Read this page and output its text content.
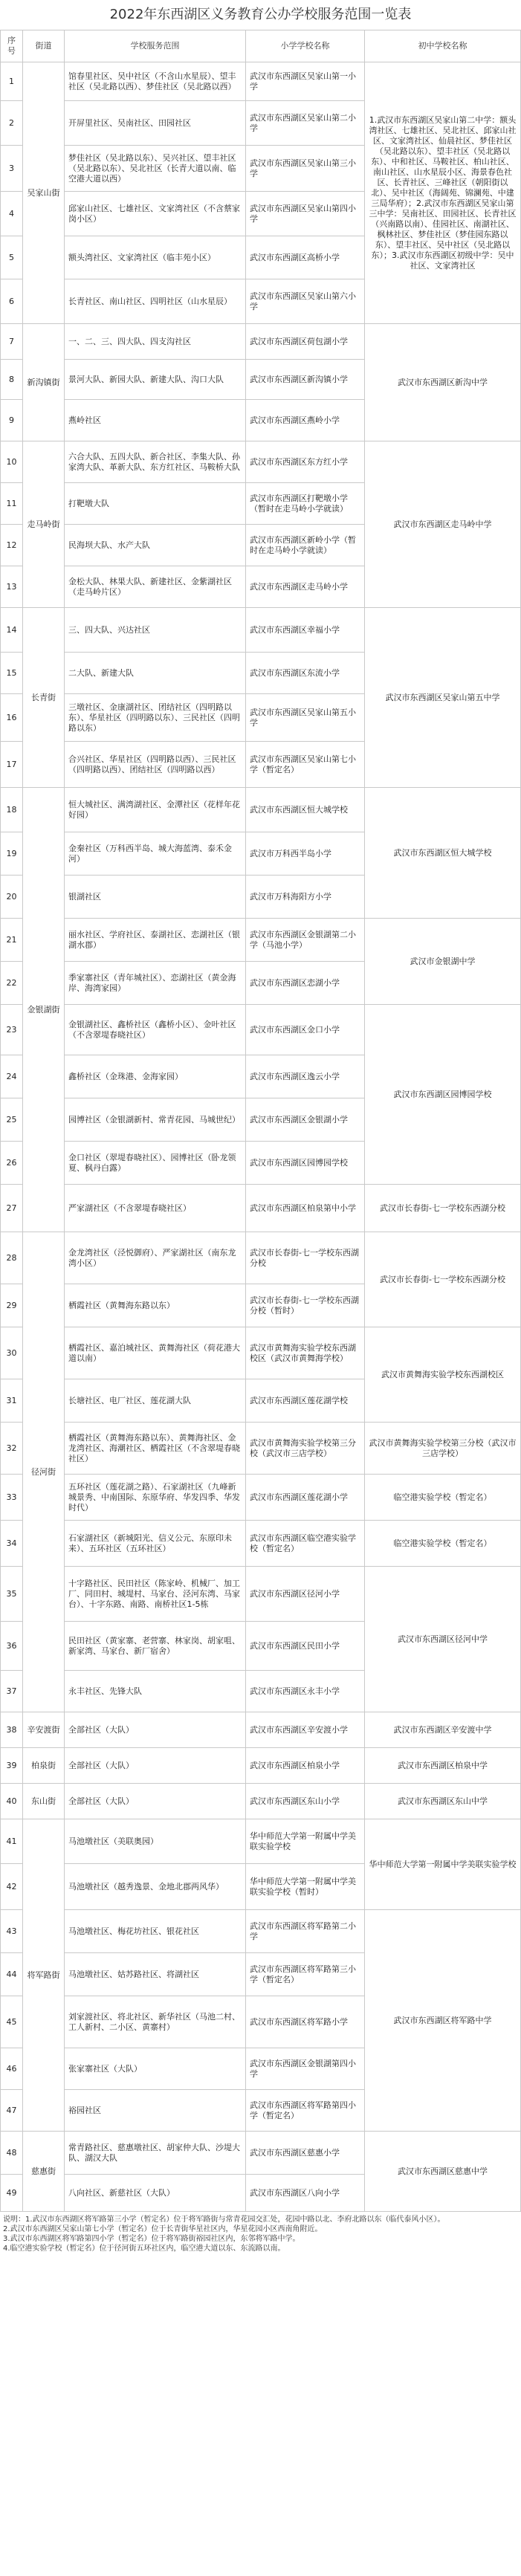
2022年东西湖区义务教育公办学校服务范围一览表
序号	街道	学校服务范围	小学学校名称	初中学校名称
1	吴家山街	馆春里社区、吴中社区（不含山水星辰）、望丰社区（吴北路以西）、梦佳社区（吴北路以西）	武汉市东西湖区吴家山第一小学	1.武汉市东西湖区吴家山第二中学：额头湾社区、七雄社区、吴北社区、邱家山社区、文家湾社区、仙晨社区、梦佳社区（吴北路以东）、望丰社区（吴北路以东）、中和社区、马鞍社区、柏山社区、南山社区、山水星辰小区、海景春色社区、长青社区、三峰社区（朝阳街以北）、吴中社区（海阔苑、锦澜苑、中建三局华府）；2.武汉市东西湖区吴家山第三中学：吴南社区、田园社区、长青社区（兴南路以南）、佳园社区、南湖社区、枫林社区、梦佳社区（梦佳园东路以东）、望丰社区、吴中社区（吴北路以东）；3.武汉市东西湖区初级中学：吴中社区、文家湾社区
2		开屏里社区、吴南社区、田园社区	武汉市东西湖区吴家山第二小学	
3		梦佳社区（吴北路以东）、吴兴社区、望丰社区（吴北路以东）、吴北社区（长青大道以南、临空港大道以西）	武汉市东西湖区吴家山第三小学	
4		邱家山社区、七雄社区、文家湾社区（不含蔡家岗小区）	武汉市东西湖区吴家山第四小学	
5		额头湾社区、文家湾社区（临丰苑小区）	武汉市东西湖区高桥小学	
6		长青社区、南山社区、四明社区（山水星辰）	武汉市东西湖区吴家山第六小学	
7	新沟镇街	一、二、三、四大队、四支沟社区	武汉市东西湖区荷包湖小学	武汉市东西湖区新沟中学
8		景河大队、新园大队、新建大队、沟口大队	武汉市东西湖区新沟镇小学	
9		燕岭社区	武汉市东西湖区燕岭小学	
10	走马岭街	六合大队、五四大队、新合社区、李集大队、孙家湾大队、革新大队、东方红社区、马鞍桥大队	武汉市东西湖区东方红小学	武汉市东西湖区走马岭中学
11		打靶墩大队	武汉市东西湖区打靶墩小学（暂时在走马岭小学就读）	
12		民海坝大队、水产大队	武汉市东西湖区新岭小学（暂时在走马岭小学就读）	
13		金松大队、林果大队、新建社区、金紫湖社区（走马岭片区）	武汉市东西湖区走马岭小学	
14	长青街	三、四大队、兴达社区	武汉市东西湖区幸福小学	武汉市东西湖区吴家山第五中学
15		二大队、新建大队	武汉市东西湖区东流小学	
16		三墩社区、金康湖社区、团结社区（四明路以东）、华星社区（四明路以东）、三民社区（四明路以东）	武汉市东西湖区吴家山第五小学	
17		合兴社区、华星社区（四明路以西）、三民社区（四明路以西）、团结社区（四明路以西）	武汉市东西湖区吴家山第七小学（暂定名）	
18	金银湖街	恒大城社区、满湾湖社区、金潭社区（花样年花好园）	武汉市东西湖区恒大城学校	武汉市东西湖区恒大城学校
19		金秦社区（万科西半岛、城大海蓝湾、泰禾金河）	武汉市万科西半岛小学	
20		银湖社区	武汉市万科海阳方小学	
21		丽水社区、学府社区、泰湖社区、恋湖社区（银湖水郡）	武汉市东西湖区金银湖第二小学（马池小学）	武汉市金银湖中学
22		季家寨社区（青年城社区）、恋湖社区（黄金海岸、海湾家园）	武汉市东西湖区恋湖小学	
23		金银湖社区、鑫桥社区（鑫桥小区）、金叶社区（不含翠堤春晓社区）	武汉市东西湖区金口小学	武汉市东西湖区园博园学校
24		鑫桥社区（金珠港、金海家园）	武汉市东西湖区逸云小学	
25		园博社区（金银湖新村、常青花园、马城世纪）	武汉市东西湖区金银湖小学	
26		金口社区（翠堤春晓社区）、园博社区（卧龙领夏、枫丹白露）	武汉市东西湖区园博园学校	
27		严家湖社区（不含翠堤春晓社区）	武汉市东西湖区柏泉第中小学	武汉市长春街-七一学校东西湖分校
28	径河街	金龙湾社区（泾悦御府）、严家湖社区（南东龙湾小区）	武汉市长春街-七一学校东西湖分校	武汉市长春街-七一学校东西湖分校
29		栖霞社区（黄舞海东路以东）	武汉市长春街-七一学校东西湖分校（暂时）	
30		栖霞社区、嘉泊城社区、黄舞海社区（荷花港大道以南）	武汉市黄舞海实验学校东西湖校区（武汉市黄舞海学校）	武汉市黄舞海实验学校东西湖校区
31		长塘社区、电厂社区、莲花湖大队	武汉市东西湖区莲花湖学校	
32		栖霞社区（黄舞海东路以东）、黄舞海社区、金龙湾社区、海潮社区、栖霞社区（不含翠堤春晓社区）	武汉市黄舞海实验学校第三分校（武汉市三店学校）	武汉市黄舞海实验学校第三分校（武汉市三店学校）
33		五环社区（莲花湖之路）、石家湖社区（九峰新城景秀、中南国际、东原华府、华发四季、华发时代）	武汉市东西湖区莲花湖小学	临空港实验学校（暂定名）
34		石家湖社区（新城阳光、信义公元、东原印未来）、五环社区（五环社区）	武汉市东西湖区临空港实验学校（暂定名）	临空港实验学校（暂定名）
35		十字路社区、民田社区（陈家岭、机械厂、加工厂、同田村、城堤村、马家台、泾河东湾、马家台）、十字东路、南路、南桥社区1-5栋	武汉市东西湖区径河小学	武汉市东西湖区径河中学
36		民田社区（黄家寨、老营寨、林家岗、胡家咀、新家湾、马家台、新厂宿舍）	武汉市东西湖区民田小学	
37		永丰社区、先锋大队	武汉市东西湖区永丰小学	
38	辛安渡街	全部社区（大队）	武汉市东西湖区辛安渡小学	武汉市东西湖区辛安渡中学
39	柏泉街	全部社区（大队）	武汉市东西湖区柏泉小学	武汉市东西湖区柏泉中学
40	东山街	全部社区（大队）	武汉市东西湖区东山小学	武汉市东西湖区东山中学
41	将军路街	马池墩社区（美联奥园）	华中师范大学第一附属中学美联实验学校	华中师范大学第一附属中学美联实验学校
42		马池墩社区（越秀逸景、金地北郡两风华）	华中师范大学第一附属中学美联实验学校（暂时）	
43		马池墩社区、梅花坊社区、银花社区	武汉市东西湖区将军路第二小学	武汉市东西湖区将军路中学
44		马池墩社区、姑苏路社区、将湖社区	武汉市东西湖区将军路第三小学（暂定名）	
45		刘家渡社区、将北社区、新华社区（马池二村、工人新村、二小区、黄寨村）	武汉市东西湖区将军路小学	
46		张家寨社区（大队）	武汉市东西湖区金银湖第四小学	
47		裕园社区	武汉市东西湖区将军路第四小学（暂定名）	
48	慈惠街	常青路社区、慈惠墩社区、胡家仲大队、沙堤大队、湖汉大队	武汉市东西湖区慈惠小学	武汉市东西湖区慈惠中学
49		八向社区、新慈社区（大队）	武汉市东西湖区八向小学	
说明：1.武汉市东西湖区将军路第三小学（暂定名）位于将军路街与常青花园交汇处，花园中路以北、李府北路以东（临代泰风小区）。
2.武汉市东西湖区吴家山第七小学（暂定名）位于长青街华星社区内，华星花园小区西南角附近。
3.武汉市东西湖区将军路第四小学（暂定名）位于将军路街裕园社区内，东邻将军路中学。
4.临空港实验学校（暂定名）位于径河街五环社区内，临空港大道以东、东流路以南。
